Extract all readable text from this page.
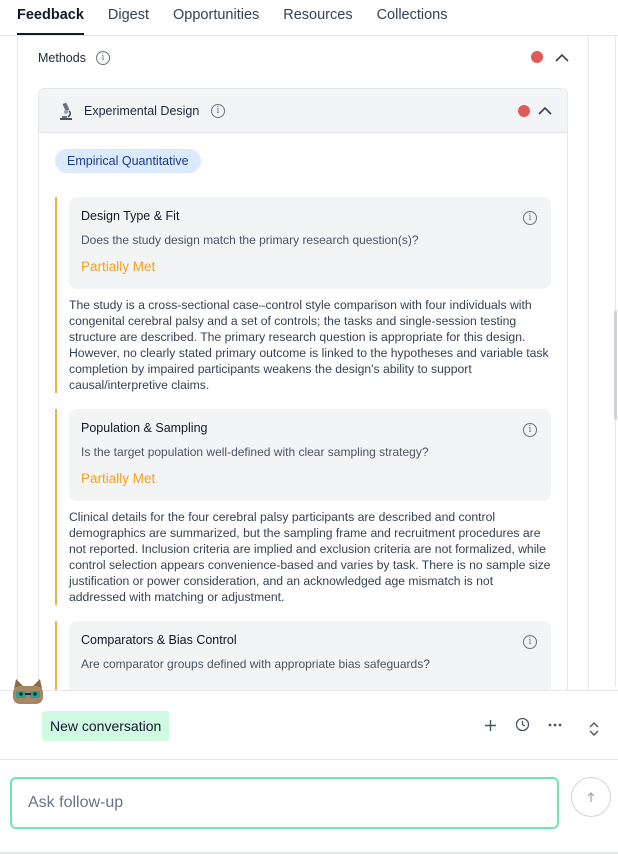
Feedback Digest Opportunities Resources Collections
Methods	i
Experimental Design	i
Empirical Quantitative
Design Type & Fit
Does the study design match the primary research question(s)?
Partially Met
i
The study is a cross-sectional case–control style comparison with four individuals with congenital cerebral palsy and a set of controls; the tasks and single-session testing structure are described. The primary research question is appropriate for this design. However, no clearly stated primary outcome is linked to the hypotheses and variable task completion by impaired participants weakens the design's ability to support causal/interpretive claims.
Population & Sampling
Is the target population well-defined with clear sampling strategy?
Partially Met
i
Clinical details for the four cerebral palsy participants are described and control demographics are summarized, but the sampling frame and recruitment procedures are not reported. Inclusion criteria are implied and exclusion criteria are not formalized, while control selection appears convenience-based and varies by task. There is no sample size justification or power consideration, and an acknowledged age mismatch is not addressed with matching or adjustment.
Comparators & Bias Control
Are comparator groups defined with appropriate bias safeguards?
i
New conversation
Ask follow-up
